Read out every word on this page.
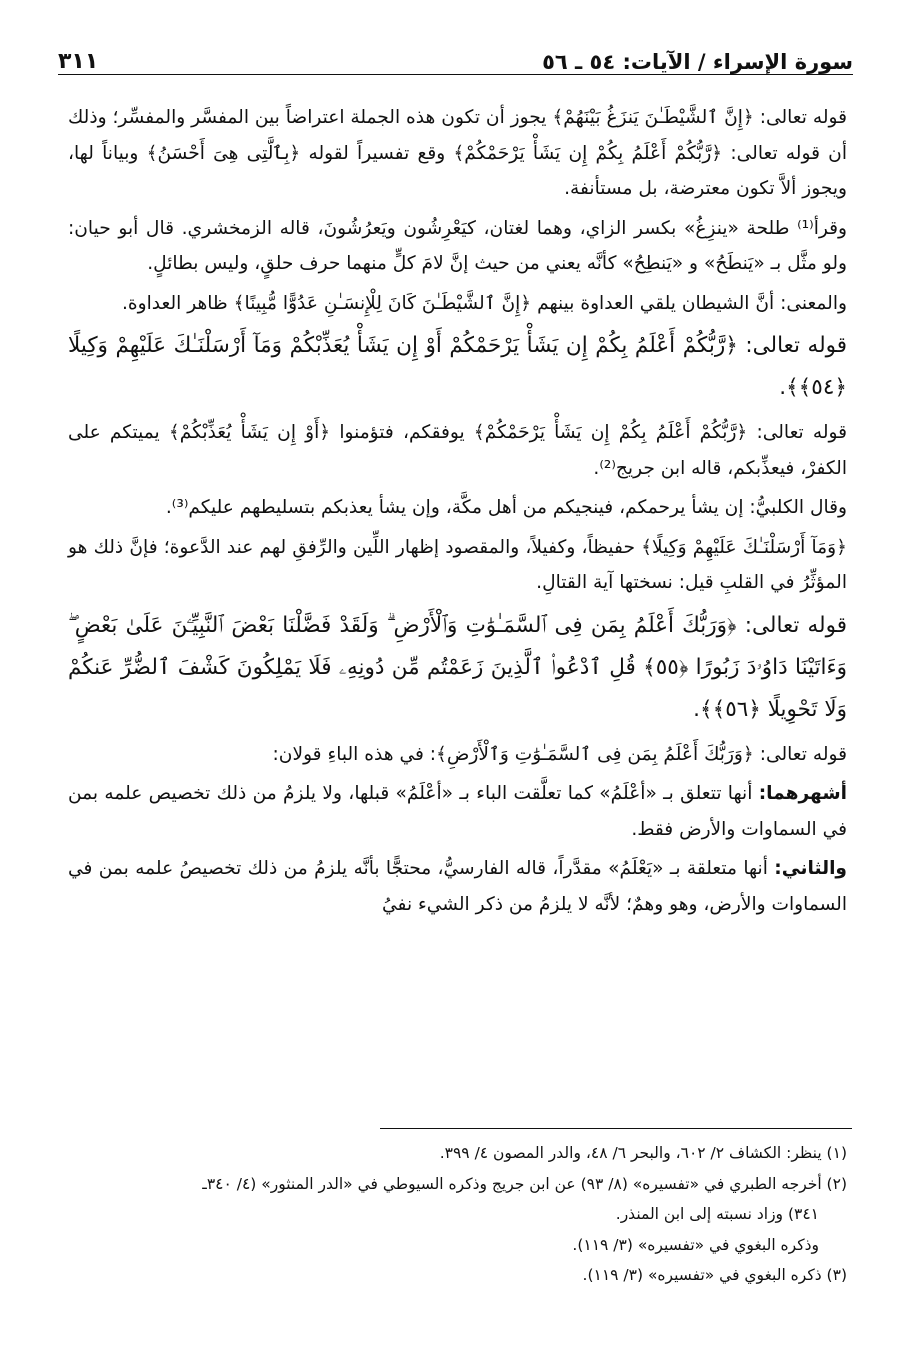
سورة الإسراء / الآيات: ٥٤ ـ ٥٦
٣١١

قوله تعالى: ﴿إِنَّ ٱلشَّيْطَـٰنَ يَنزَغُ بَيْنَهُمْ﴾ يجوز أن تكون هذه الجملة اعتراضاً بين المفسَّر والمفسِّر؛ وذلك أن قوله تعالى: ﴿رَّبُّكُمْ أَعْلَمُ بِكُمْ إِن يَشَأْ يَرْحَمْكُمْ﴾ وقع تفسيراً لقوله ﴿بِٱلَّتِى هِىَ أَحْسَنُ﴾ وبياناً لها، ويجوز ألاَّ تكون معترضة، بل مستأنفة.

وقرأ⁽¹⁾ طلحة «ينزِغُ» بكسر الزاي، وهما لغتان، كيَعْرِشُون ويَعرُشُونَ، قاله الزمخشري. قال أبو حيان: ولو مثَّل بـ «يَنطَحُ» و «يَنطِحُ» كأنَّه يعني من حيث إنَّ لامَ كلٍّ منهما حرف حلقٍ، وليس بطائلٍ.

والمعنى: أنَّ الشيطان يلقي العداوة بينهم ﴿إِنَّ ٱلشَّيْطَـٰنَ كَانَ لِلْإِنسَـٰنِ عَدُوًّا مُّبِينًا﴾ ظاهر العداوة.

قوله تعالى: ﴿رَّبُّكُمْ أَعْلَمُ بِكُمْ إِن يَشَأْ يَرْحَمْكُمْ أَوْ إِن يَشَأْ يُعَذِّبْكُمْ وَمَآ أَرْسَلْنَـٰكَ عَلَيْهِمْ وَكِيلًا ﴿٥٤﴾﴾.

قوله تعالى: ﴿رَّبُّكُمْ أَعْلَمُ بِكُمْ إِن يَشَأْ يَرْحَمْكُمْ﴾ يوفقكم، فتؤمنوا ﴿أَوْ إِن يَشَأْ يُعَذِّبْكُمْ﴾ يميتكم على الكفرْ، فيعذِّبكم، قاله ابن جريج⁽²⁾.

وقال الكلبيُّ: إن يشأ يرحمكم، فينجيكم من أهل مكَّة، وإن يشأ يعذبكم بتسليطهم عليكم⁽³⁾.

﴿وَمَآ أَرْسَلْنَـٰكَ عَلَيْهِمْ وَكِيلًا﴾ حفيظاً، وكفيلاً، والمقصود إظهار اللِّين والرِّفقِ لهم عند الدَّعوة؛ فإنَّ ذلك هو المؤثِّرُ في القلبِ قيل: نسختها آية القتالِ.

قوله تعالى: ﴿وَرَبُّكَ أَعْلَمُ بِمَن فِى ٱلسَّمَـٰوَٰتِ وَٱلْأَرْضِ ۗ وَلَقَدْ فَضَّلْنَا بَعْضَ ٱلنَّبِيِّـۧنَ عَلَىٰ بَعْضٍ ۖ وَءَاتَيْنَا دَاوُۥدَ زَبُورًا ﴿٥٥﴾ قُلِ ٱدْعُوا۟ ٱلَّذِينَ زَعَمْتُم مِّن دُونِهِۦ فَلَا يَمْلِكُونَ كَشْفَ ٱلضُّرِّ عَنكُمْ وَلَا تَحْوِيلًا ﴿٥٦﴾﴾.

قوله تعالى: ﴿وَرَبُّكَ أَعْلَمُ بِمَن فِى ٱلسَّمَـٰوَٰتِ وَٱلْأَرْضِ﴾: في هذه الباءِ قولان:

أشهرهما: أنها تتعلق بـ «أعْلَمُ» كما تعلَّقت الباء بـ «أعْلَمُ» قبلها، ولا يلزمُ من ذلك تخصيص علمه بمن في السماوات والأرض فقط.

والثاني: أنها متعلقة بـ «يَعْلَمُ» مقدَّراً، قاله الفارسيُّ، محتجًّا بأنَّه يلزمُ من ذلك تخصيصُ علمه بمن في السماوات والأرض، وهو وهمٌ؛ لأنَّه لا يلزمُ من ذكر الشيء نفيُ

(١) ينظر: الكشاف ٢/ ٦٠٢، والبحر ٦/ ٤٨، والدر المصون ٤/ ٣٩٩.
(٢) أخرجه الطبري في «تفسيره» (٨/ ٩٣) عن ابن جريج وذكره السيوطي في «الدر المنثور» (٤/ ٣٤٠ـ
٣٤١) وزاد نسبته إلى ابن المنذر.
وذكره البغوي في «تفسيره» (٣/ ١١٩).
(٣) ذكره البغوي في «تفسيره» (٣/ ١١٩).
